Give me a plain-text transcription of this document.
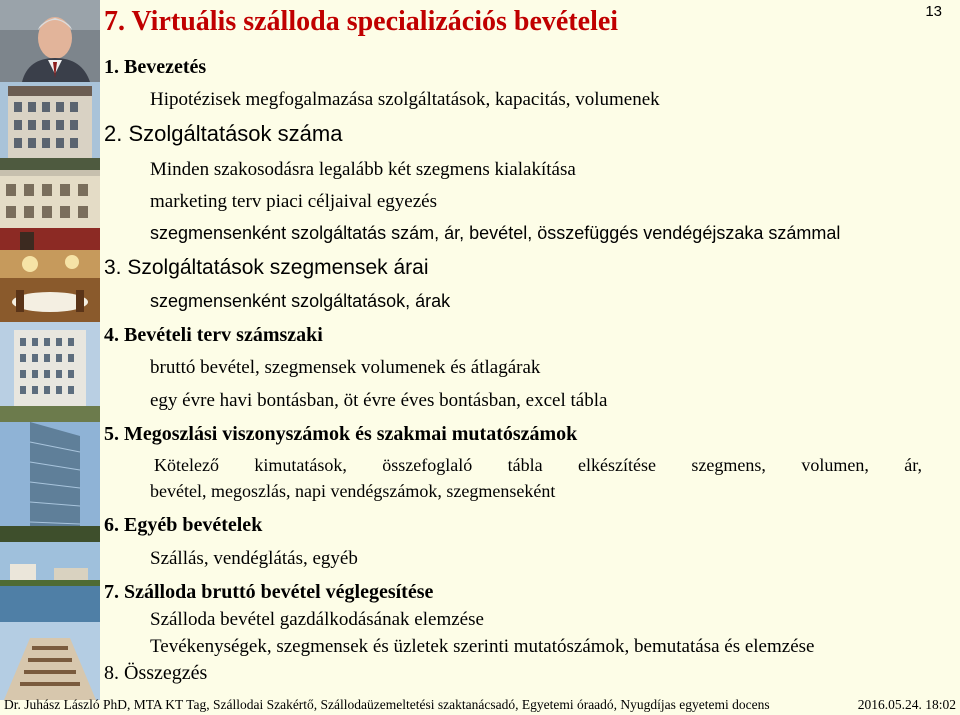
13
7. Virtuális szálloda specializációs bevételei
1. Bevezetés
Hipotézisek megfogalmazása szolgáltatások, kapacitás, volumenek
2. Szolgáltatások száma
Minden szakosodásra legalább két szegmens kialakítása
marketing terv piaci céljaival egyezés
szegmensenként szolgáltatás szám, ár, bevétel, összefüggés vendégéjszaka számmal
3. Szolgáltatások szegmensek árai
szegmensenként szolgáltatások, árak
4. Bevételi terv számszaki
bruttó bevétel, szegmensek volumenek és átlagárak
egy évre havi bontásban, öt évre éves bontásban, excel tábla
5. Megoszlási viszonyszámok és szakmai mutatószámok
Kötelező kimutatások, összefoglaló tábla elkészítése szegmens, volumen, ár,
bevétel, megoszlás, napi vendégszámok, szegmenseként
6. Egyéb bevételek
Szállás, vendéglátás, egyéb
7. Szálloda bruttó bevétel véglegesítése
Szálloda bevétel gazdálkodásának elemzése
Tevékenységek, szegmensek és üzletek szerinti mutatószámok, bemutatása és elemzése
8. Összegzés
Dr. Juhász László PhD, MTA KT Tag, Szállodai Szakértő, Szállodaüzemeltetési szaktanácsadó, Egyetemi óraadó, Nyugdíjas egyetemi docens	2016.05.24. 18:02
